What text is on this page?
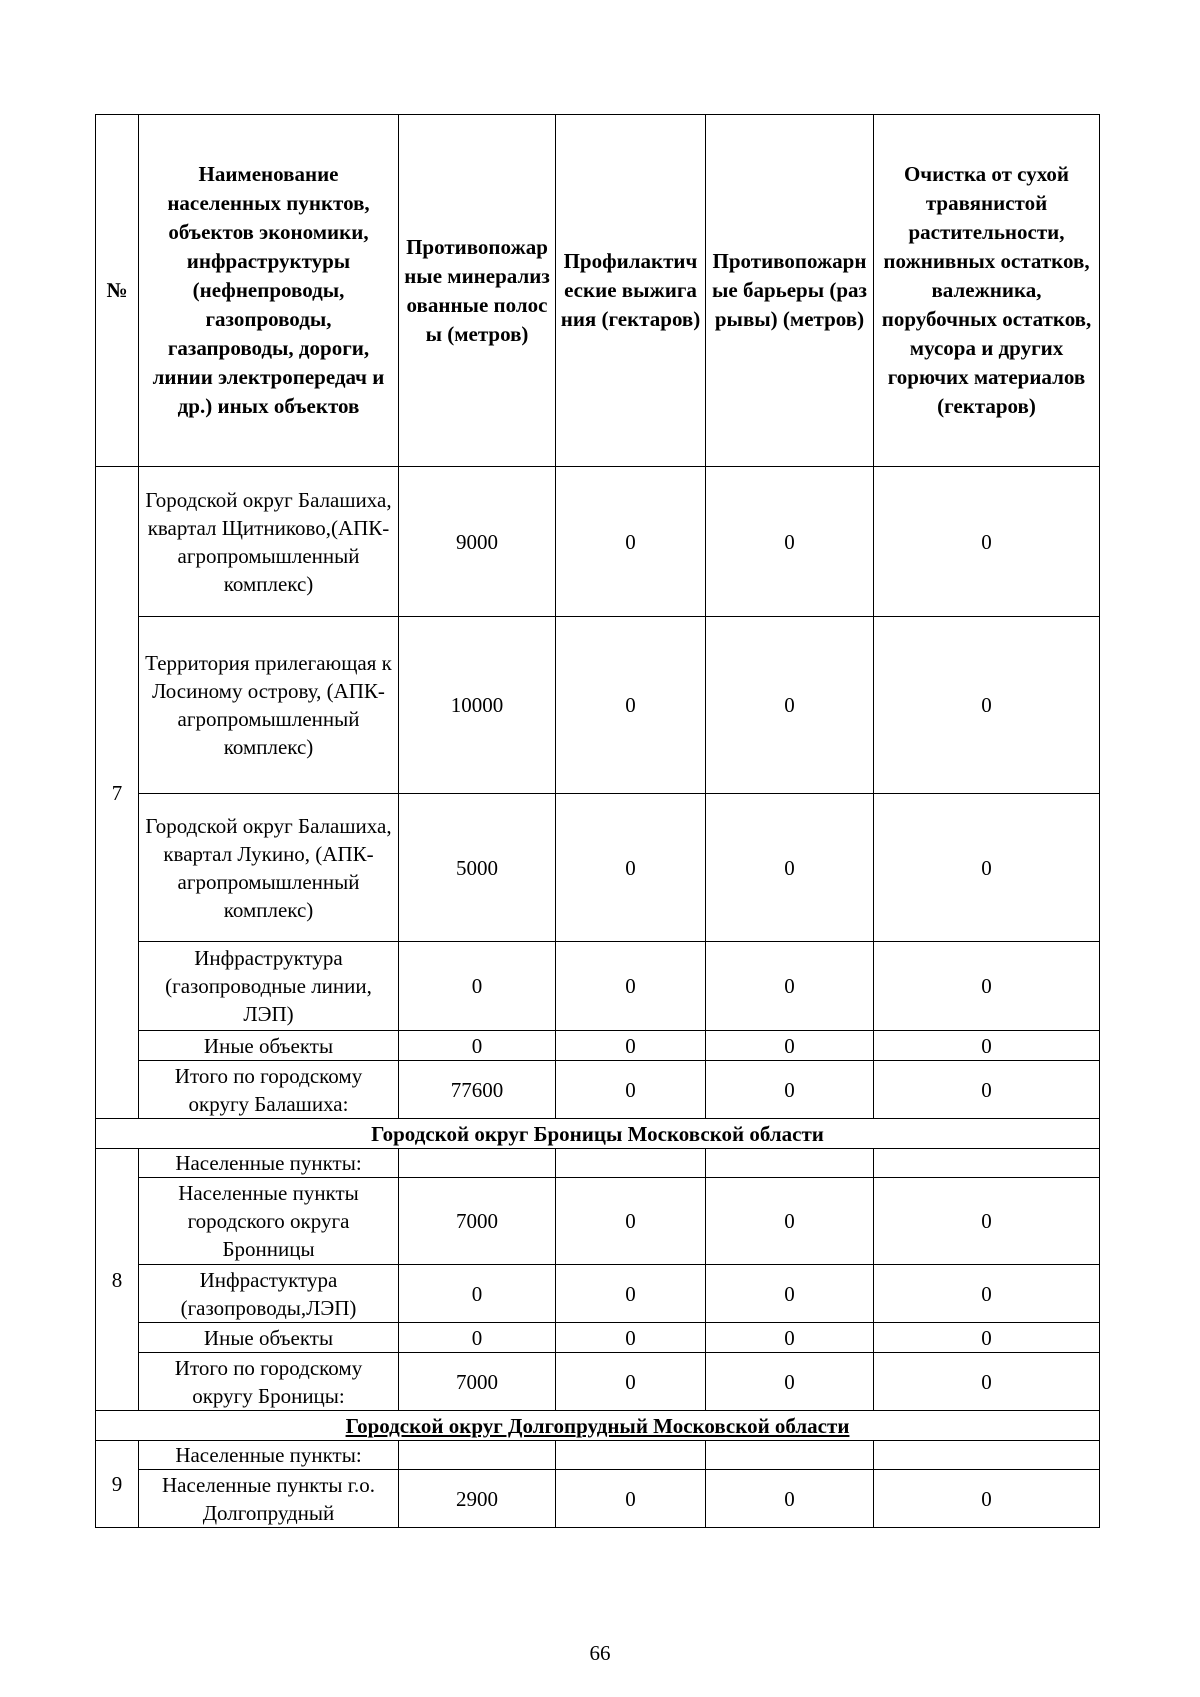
№	Наименование населенных пунктов, объектов экономики, инфраструктуры (нефнепроводы, газопроводы, газапроводы, дороги, линии электропередач и др.) иных объектов	Противопожарные минерализованные полосы (метров)	Профилактические выжигания (гектаров)	Противопожарные барьеры (разрывы) (метров)	Очистка от сухой травянистой растительности, пожнивных остатков, валежника, порубочных остатков, мусора и других горючих материалов (гектаров)
7	Городской округ Балашиха, квартал Щитниково,(АПК-агропромышленный комплекс)	9000	0	0	0
	Территория прилегающая к Лосиному острову, (АПК-агропромышленный комплекс)	10000	0	0	0
	Городской округ Балашиха, квартал Лукино, (АПК-агропромышленный комплекс)	5000	0	0	0
	Инфраструктура (газопроводные линии, ЛЭП)	0	0	0	0
	Иные объекты	0	0	0	0
	Итого по городскому округу Балашиха:	77600	0	0	0
Городской округ Броницы Московской области					
8	Населенные пункты:				
	Населенные пункты городского округа Бронницы	7000	0	0	0
	Инфрастуктура (газопроводы,ЛЭП)	0	0	0	0
	Иные объекты	0	0	0	0
	Итого по городскому округу Броницы:	7000	0	0	0
Городской округ Долгопрудный Московской области					
9	Населенные пункты:				
	Населенные пункты г.о. Долгопрудный	2900	0	0	0
66
